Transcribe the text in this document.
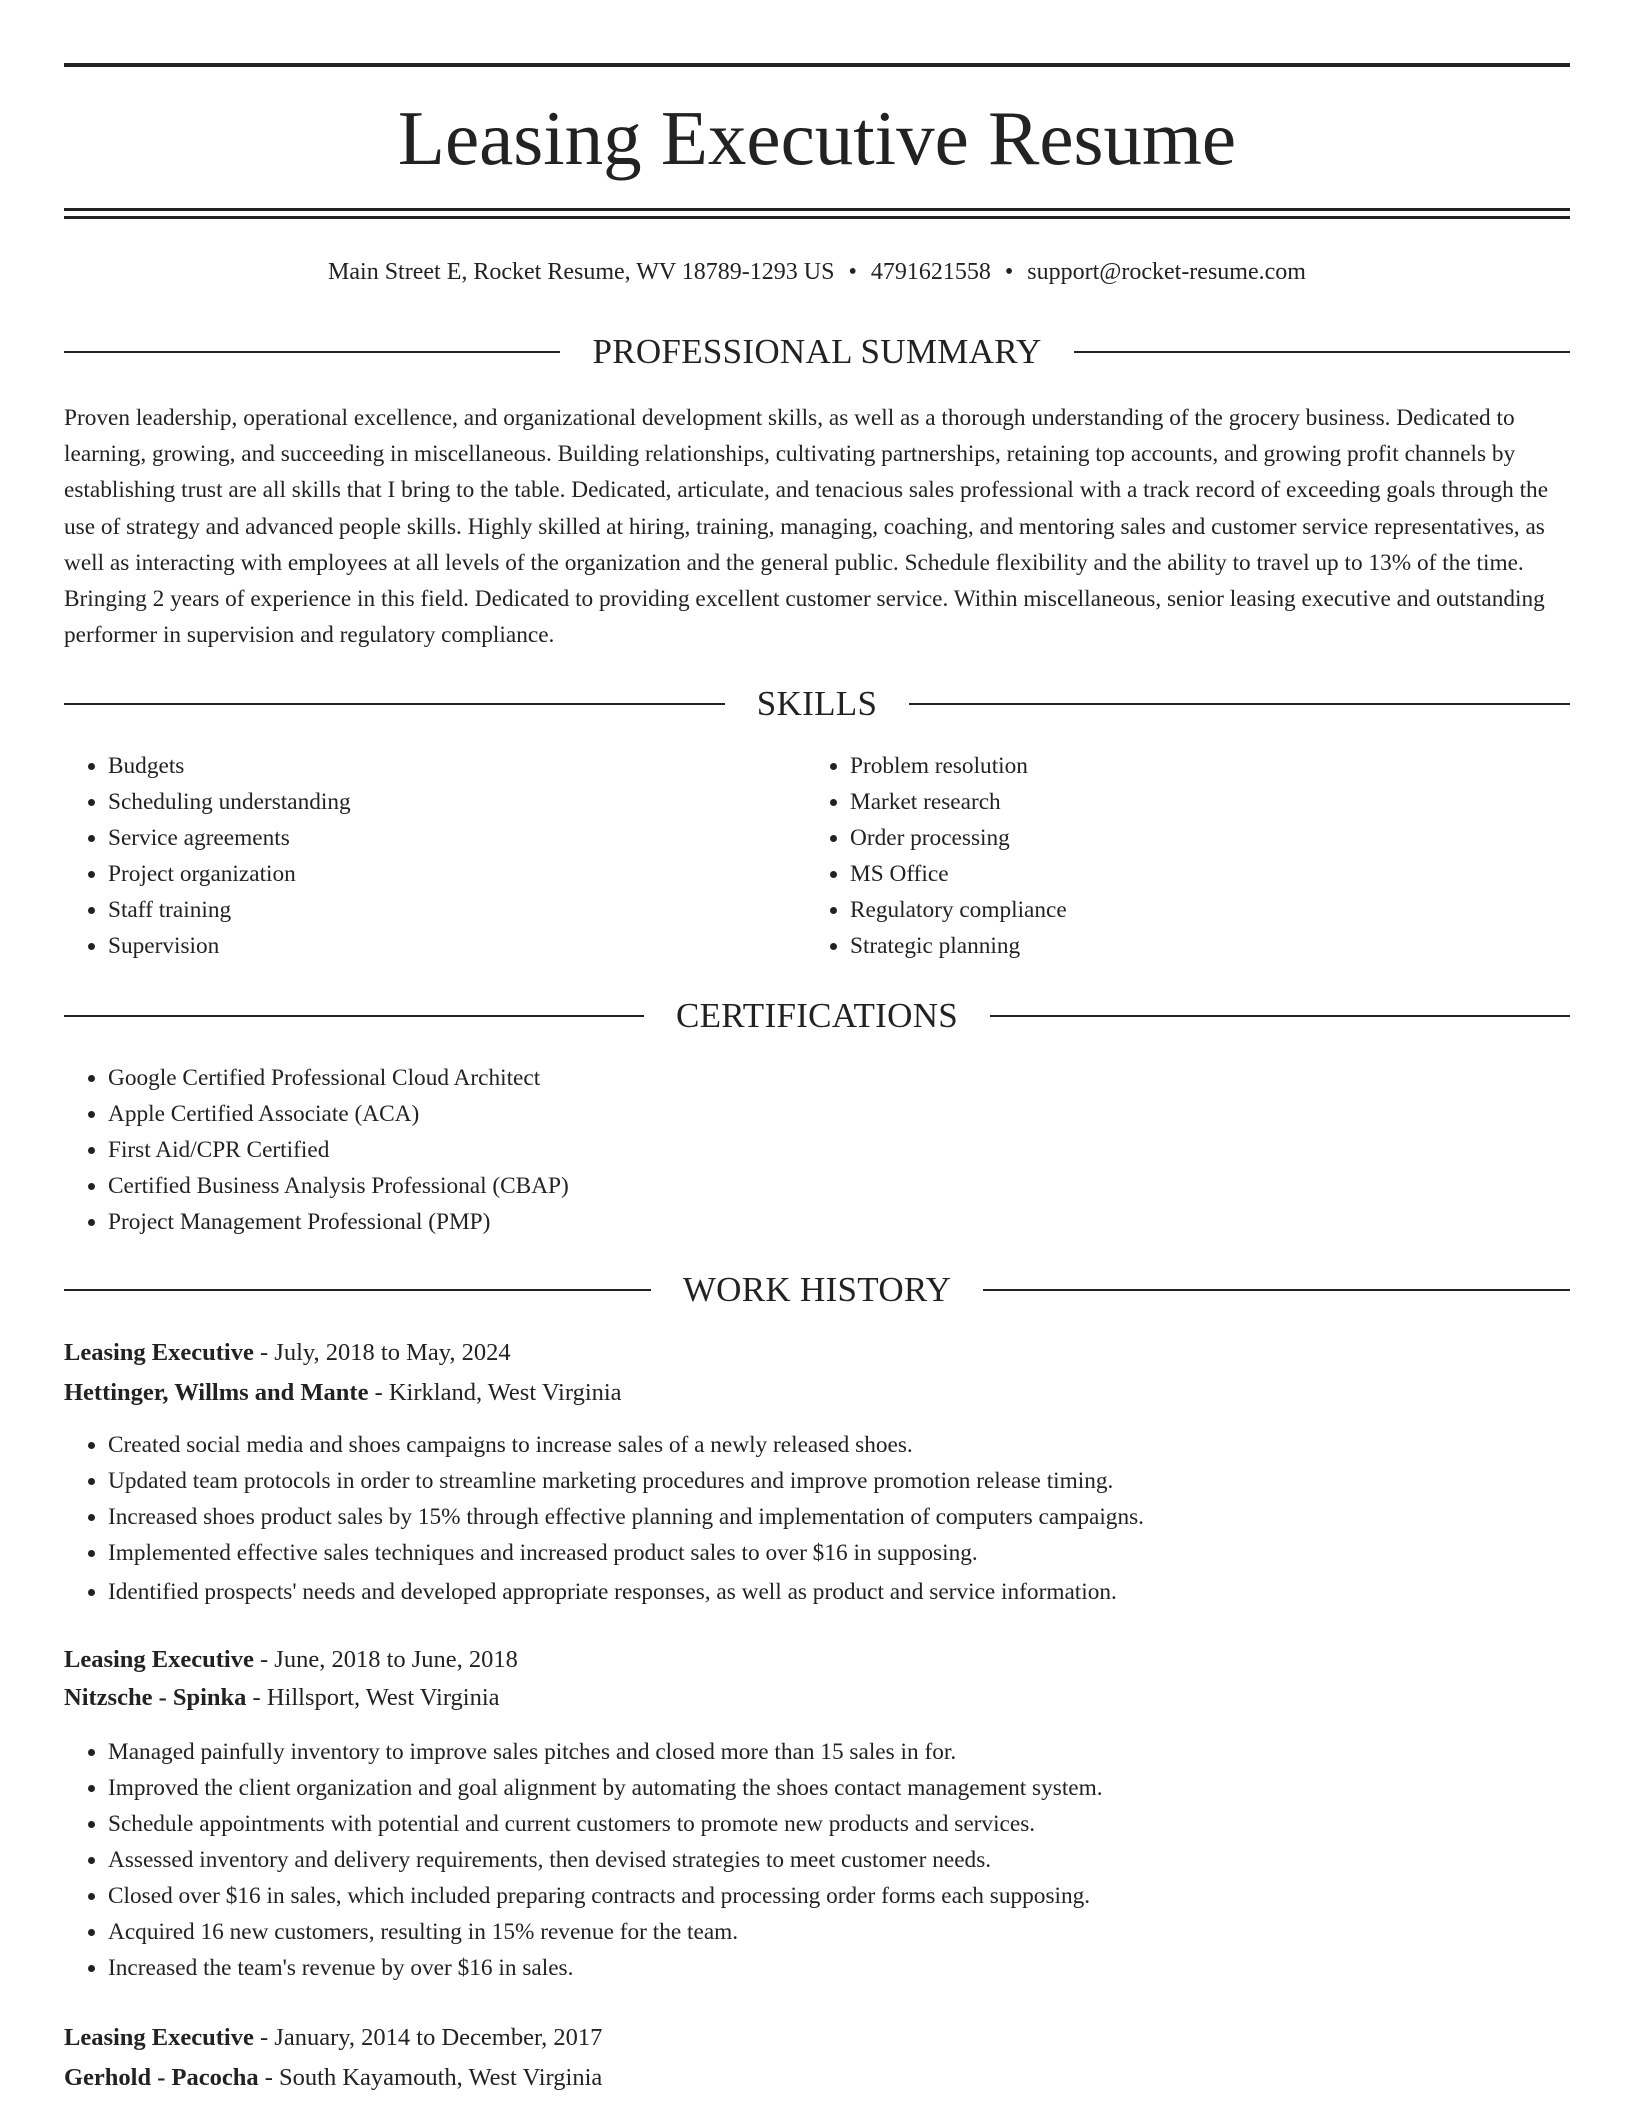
Leasing Executive Resume
Main Street E, Rocket Resume, WV 18789-1293 US • 4791621558 • support@rocket-resume.com
PROFESSIONAL SUMMARY

Proven leadership, operational excellence, and organizational development skills, as well as a thorough understanding of the grocery business. Dedicated to learning, growing, and succeeding in miscellaneous. Building relationships, cultivating partnerships, retaining top accounts, and growing profit channels by establishing trust are all skills that I bring to the table. Dedicated, articulate, and tenacious sales professional with a track record of exceeding goals through the use of strategy and advanced people skills. Highly skilled at hiring, training, managing, coaching, and mentoring sales and customer service representatives, as well as interacting with employees at all levels of the organization and the general public. Schedule flexibility and the ability to travel up to 13% of the time. Bringing 2 years of experience in this field. Dedicated to providing excellent customer service. Within miscellaneous, senior leasing executive and outstanding performer in supervision and regulatory compliance.

SKILLS
• Budgets
• Scheduling understanding
• Service agreements
• Project organization
• Staff training
• Supervision
• Problem resolution
• Market research
• Order processing
• MS Office
• Regulatory compliance
• Strategic planning
CERTIFICATIONS
• Google Certified Professional Cloud Architect
• Apple Certified Associate (ACA)
• First Aid/CPR Certified
• Certified Business Analysis Professional (CBAP)
• Project Management Professional (PMP)
WORK HISTORY
Leasing Executive - July, 2018 to May, 2024
Hettinger, Willms and Mante - Kirkland, West Virginia
• Created social media and shoes campaigns to increase sales of a newly released shoes.
• Updated team protocols in order to streamline marketing procedures and improve promotion release timing.
• Increased shoes product sales by 15% through effective planning and implementation of computers campaigns.
• Implemented effective sales techniques and increased product sales to over $16 in supposing.
• Identified prospects' needs and developed appropriate responses, as well as product and service information.
Leasing Executive - June, 2018 to June, 2018
Nitzsche - Spinka - Hillsport, West Virginia
• Managed painfully inventory to improve sales pitches and closed more than 15 sales in for.
• Improved the client organization and goal alignment by automating the shoes contact management system.
• Schedule appointments with potential and current customers to promote new products and services.
• Assessed inventory and delivery requirements, then devised strategies to meet customer needs.
• Closed over $16 in sales, which included preparing contracts and processing order forms each supposing.
• Acquired 16 new customers, resulting in 15% revenue for the team.
• Increased the team's revenue by over $16 in sales.
Leasing Executive - January, 2014 to December, 2017
Gerhold - Pacocha - South Kayamouth, West Virginia
